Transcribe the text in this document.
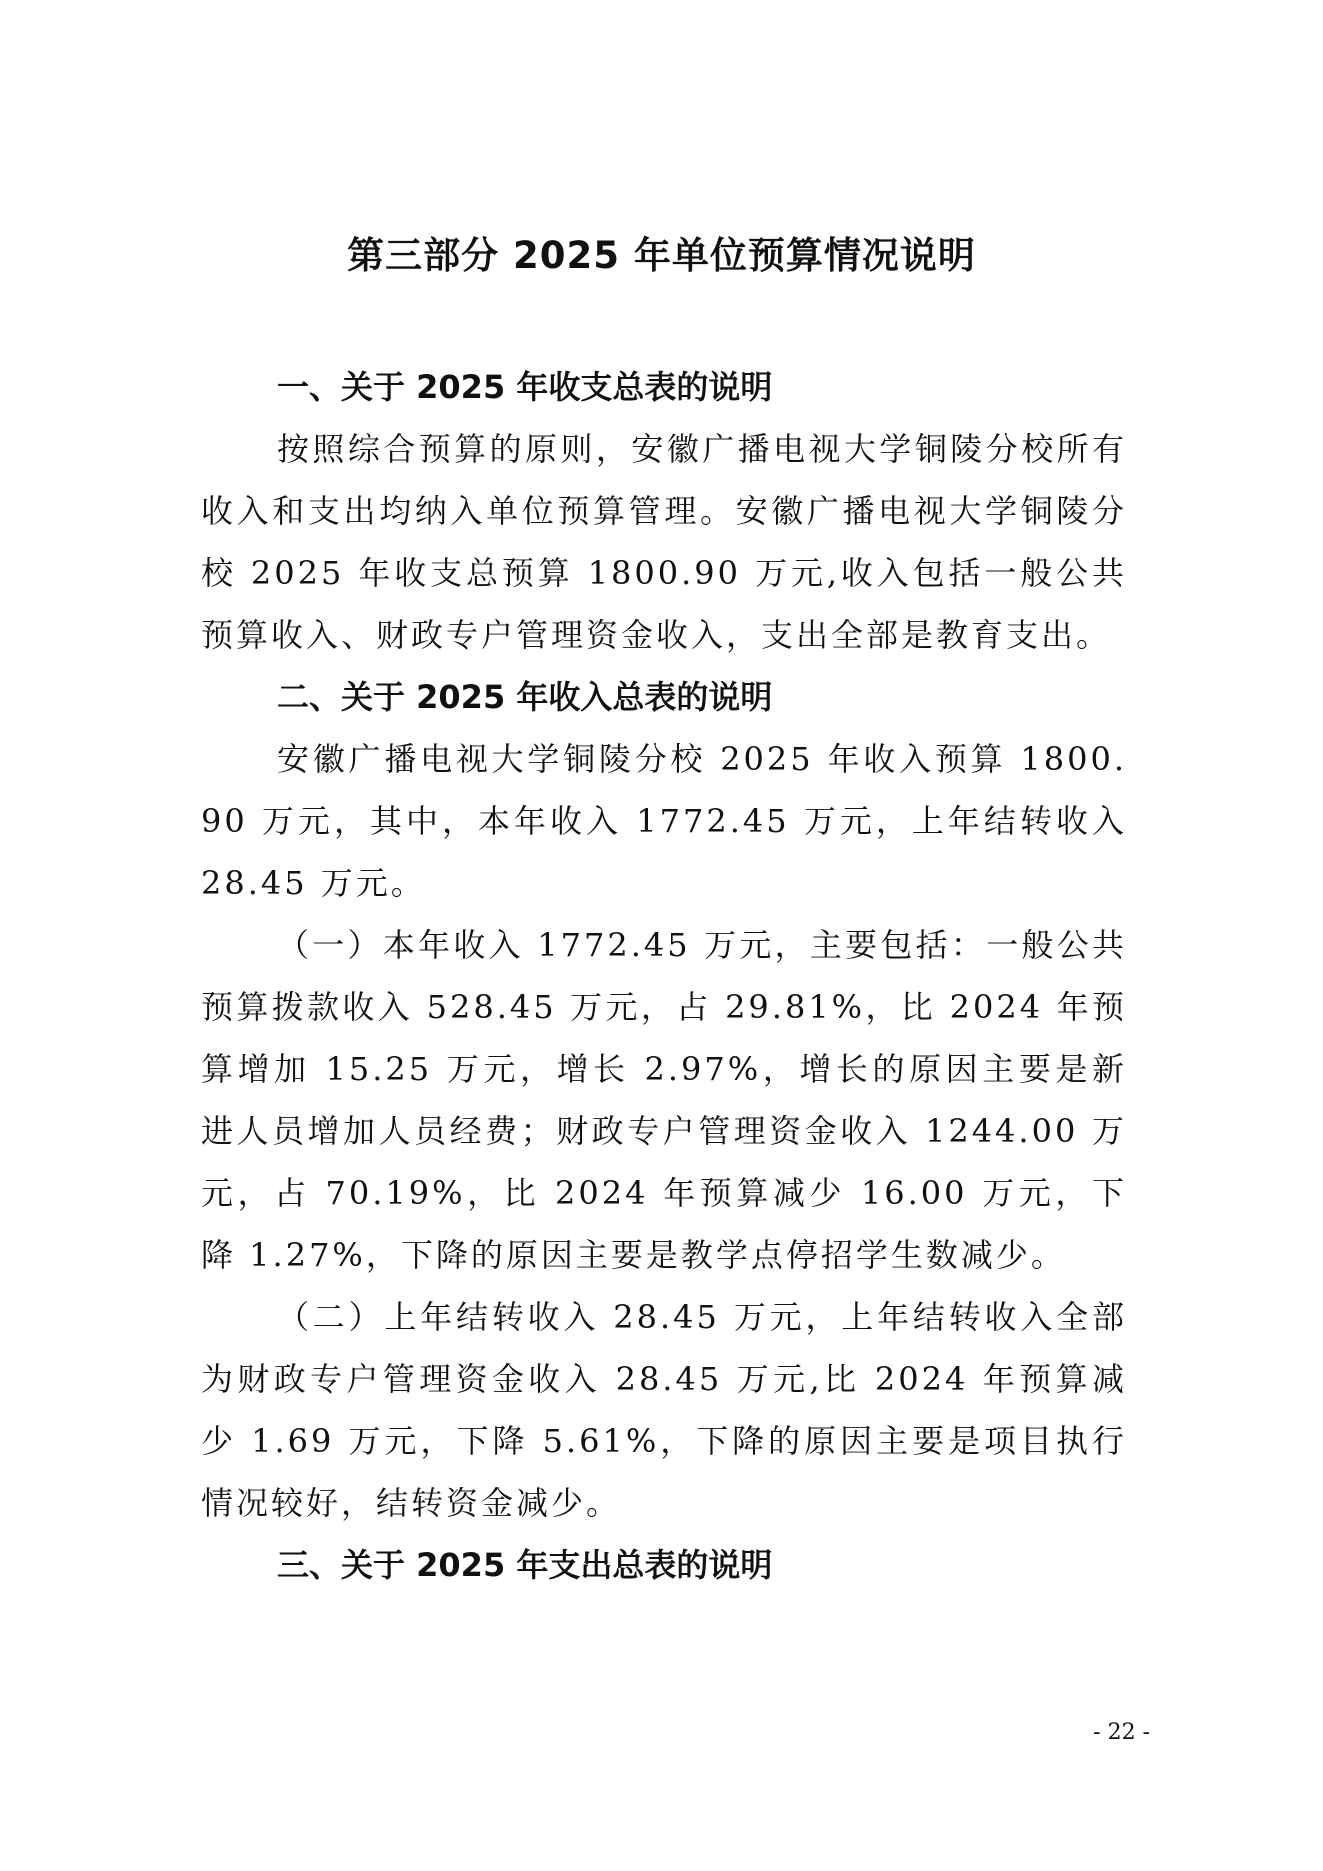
第三部分 2025 年单位预算情况说明
一、关于 2025 年收支总表的说明

按照综合预算的原则，安徽广播电视大学铜陵分校所有收入和支出均纳入单位预算管理。安徽广播电视大学铜陵分校 2025 年收支总预算 1800.90 万元,收入包括一般公共预算收入、财政专户管理资金收入，支出全部是教育支出。

二、关于 2025 年收入总表的说明

安徽广播电视大学铜陵分校 2025 年收入预算 1800.90 万元，其中，本年收入 1772.45 万元，上年结转收入 28.45 万元。

（一）本年收入 1772.45 万元，主要包括：一般公共预算拨款收入 528.45 万元，占 29.81%，比 2024 年预算增加 15.25 万元，增长 2.97%，增长的原因主要是新进人员增加人员经费；财政专户管理资金收入 1244.00 万元，占 70.19%，比 2024 年预算减少 16.00 万元，下降 1.27%，下降的原因主要是教学点停招学生数减少。

（二）上年结转收入 28.45 万元，上年结转收入全部为财政专户管理资金收入 28.45 万元,比 2024 年预算减少 1.69 万元，下降 5.61%，下降的原因主要是项目执行情况较好，结转资金减少。

三、关于 2025 年支出总表的说明
- 22 -
